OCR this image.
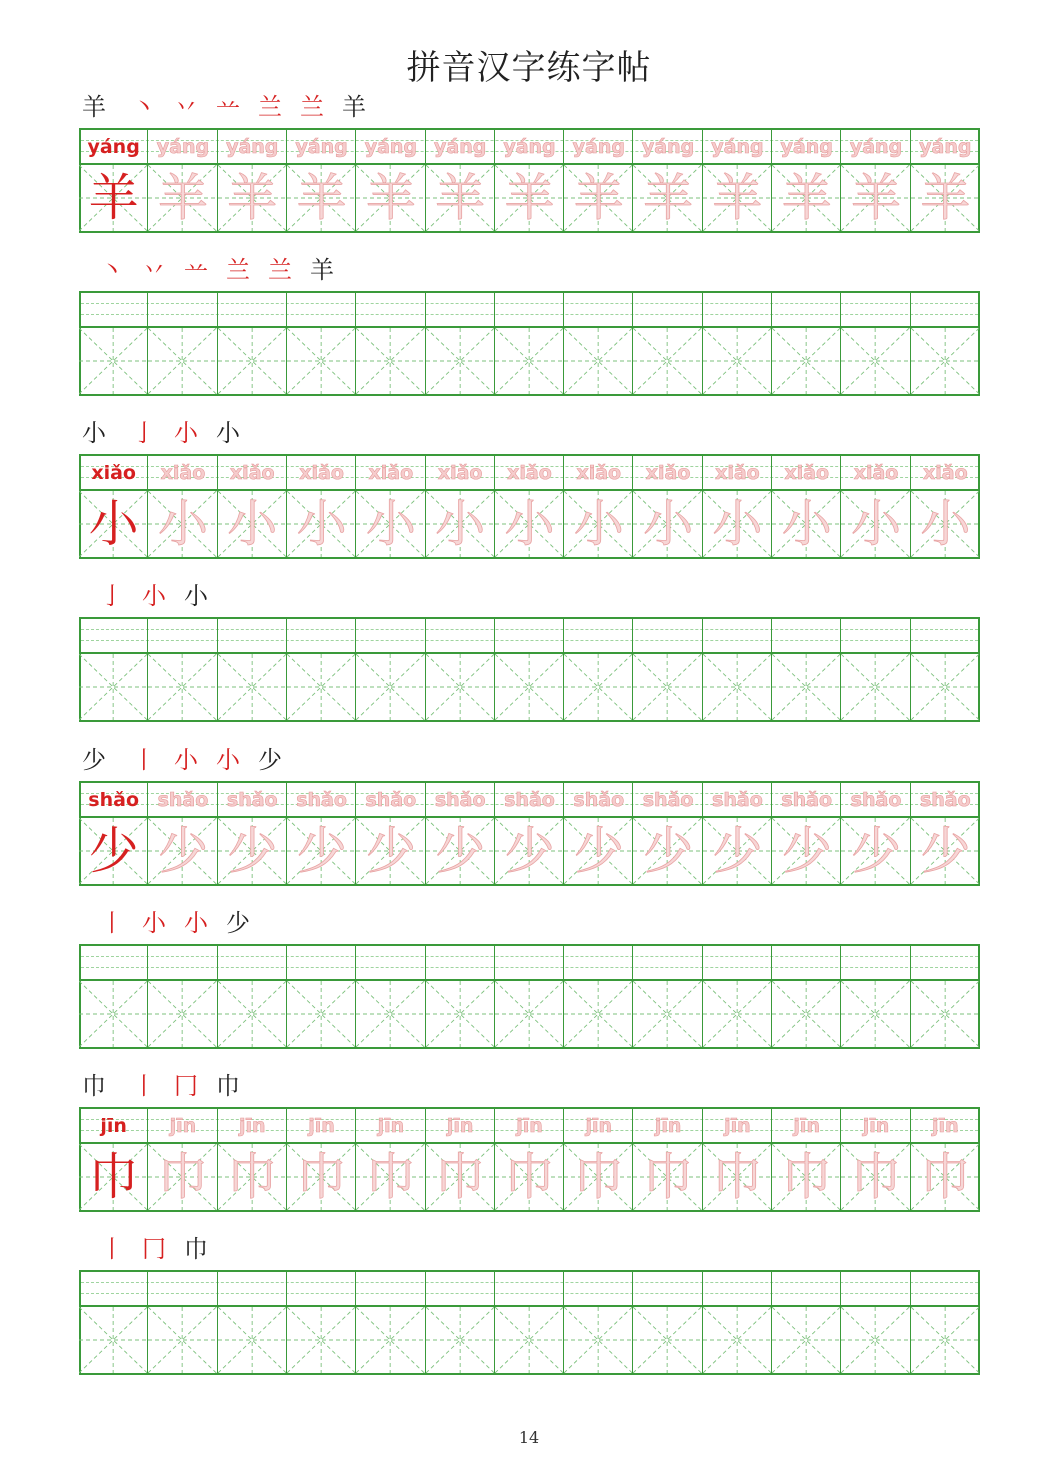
拼音汉字练字帖
羊 丶 丷 䒑 兰 兰 羊
yáng
羊
yáng
羊
yáng
羊
yáng
羊
yáng
羊
yáng
羊
yáng
羊
yáng
羊
yáng
羊
yáng
羊
yáng
羊
yáng
羊
yáng
羊
丶 丷 䒑 兰 兰 羊
小 亅 小 小
xiǎo
小
xiǎo
小
xiǎo
小
xiǎo
小
xiǎo
小
xiǎo
小
xiǎo
小
xiǎo
小
xiǎo
小
xiǎo
小
xiǎo
小
xiǎo
小
xiǎo
小
亅 小 小
少 丨 小 小 少
shǎo
少
shǎo
少
shǎo
少
shǎo
少
shǎo
少
shǎo
少
shǎo
少
shǎo
少
shǎo
少
shǎo
少
shǎo
少
shǎo
少
shǎo
少
丨 小 小 少
巾 丨 冂 巾
jīn
巾
jīn
巾
jīn
巾
jīn
巾
jīn
巾
jīn
巾
jīn
巾
jīn
巾
jīn
巾
jīn
巾
jīn
巾
jīn
巾
jīn
巾
丨 冂 巾
14
